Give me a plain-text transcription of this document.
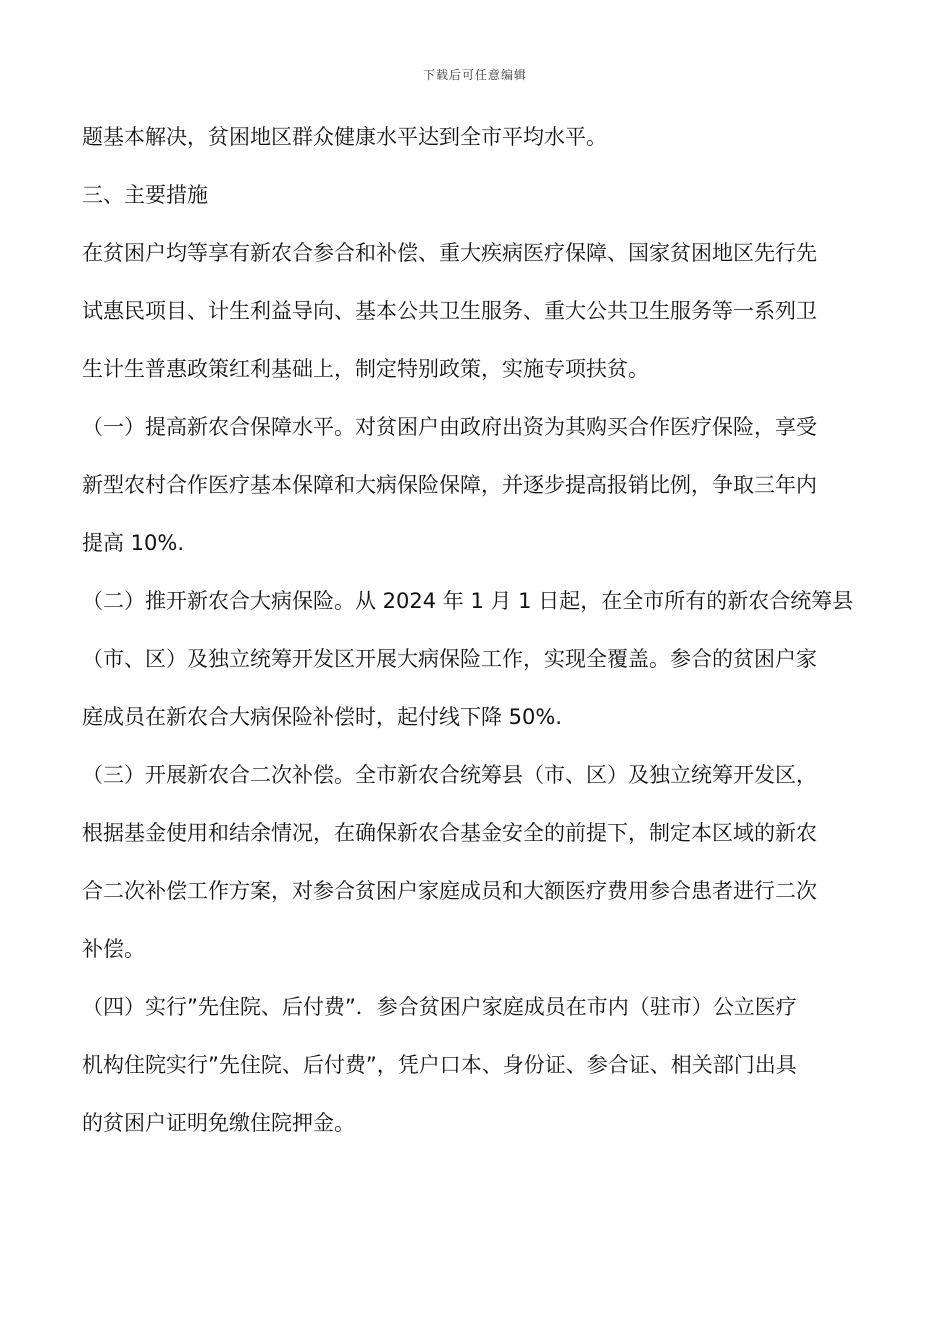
下载后可任意编辑
题基本解决，贫困地区群众健康水平达到全市平均水平。
三、主要措施
在贫困户均等享有新农合参合和补偿、重大疾病医疗保障、国家贫困地区先行先
试惠民项目、计生利益导向、基本公共卫生服务、重大公共卫生服务等一系列卫
生计生普惠政策红利基础上，制定特别政策，实施专项扶贫。
（一）提高新农合保障水平。对贫困户由政府出资为其购买合作医疗保险，享受
新型农村合作医疗基本保障和大病保险保障，并逐步提高报销比例，争取三年内
提高 10%.
（二）推开新农合大病保险。从 2024 年 1 月 1 日起，在全市所有的新农合统筹县
（市、区）及独立统筹开发区开展大病保险工作，实现全覆盖。参合的贫困户家
庭成员在新农合大病保险补偿时，起付线下降 50%.
（三）开展新农合二次补偿。全市新农合统筹县（市、区）及独立统筹开发区，
根据基金使用和结余情况，在确保新农合基金安全的前提下，制定本区域的新农
合二次补偿工作方案，对参合贫困户家庭成员和大额医疗费用参合患者进行二次
补偿。
（四）实行”先住院、后付费”．参合贫困户家庭成员在市内（驻市）公立医疗
机构住院实行”先住院、后付费”，凭户口本、身份证、参合证、相关部门出具
的贫困户证明免缴住院押金。
